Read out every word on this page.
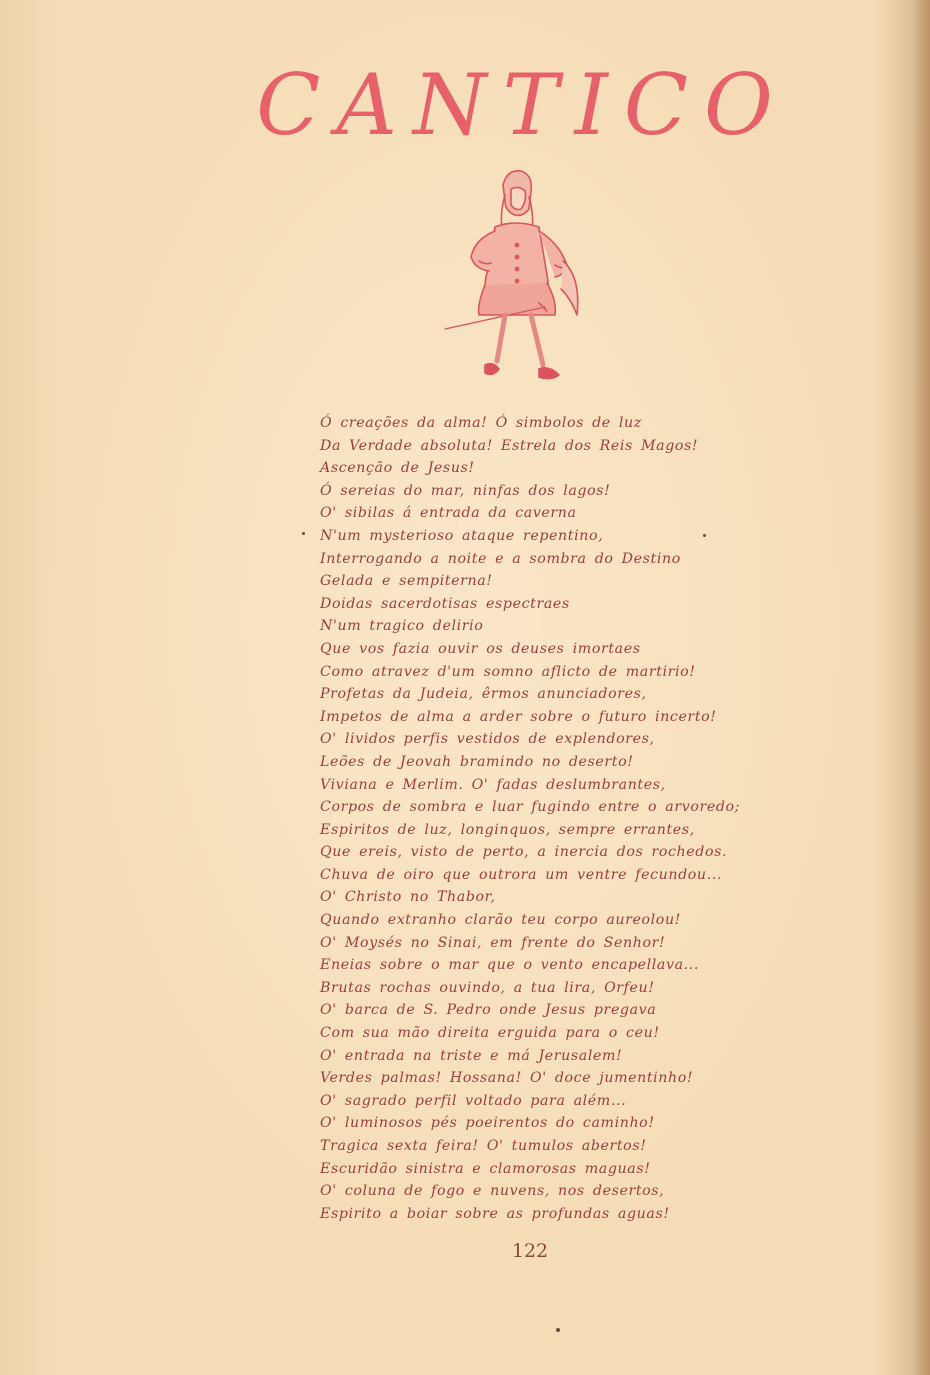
CANTICO
Ó creações da alma! Ó simbolos de luz
Da Verdade absoluta! Estrela dos Reis Magos!
Ascenção de Jesus!
Ó sereias do mar, ninfas dos lagos!
O' sibilas á entrada da caverna
N'um mysterioso ataque repentino,
Interrogando a noite e a sombra do Destino
Gelada e sempiterna!
Doidas sacerdotisas espectraes
N'um tragico delirio
Que vos fazia ouvir os deuses imortaes
Como atravez d'um somno aflicto de martirio!
Profetas da Judeia, êrmos anunciadores,
Impetos de alma a arder sobre o futuro incerto!
O' lividos perfis vestidos de explendores,
Leões de Jeovah bramindo no deserto!
Viviana e Merlim. O' fadas deslumbrantes,
Corpos de sombra e luar fugindo entre o arvoredo;
Espiritos de luz, longinquos, sempre errantes,
Que ereis, visto de perto, a inercia dos rochedos.
Chuva de oiro que outrora um ventre fecundou...
O' Christo no Thabor,
Quando extranho clarão teu corpo aureolou!
O' Moysés no Sinai, em frente do Senhor!
Eneias sobre o mar que o vento encapellava...
Brutas rochas ouvindo, a tua lira, Orfeu!
O' barca de S. Pedro onde Jesus pregava
Com sua mão direita erguida para o ceu!
O' entrada na triste e má Jerusalem!
Verdes palmas! Hossana! O' doce jumentinho!
O' sagrado perfil voltado para além...
O' luminosos pés poeirentos do caminho!
Tragica sexta feira! O' tumulos abertos!
Escuridão sinistra e clamorosas maguas!
O' coluna de fogo e nuvens, nos desertos,
Espirito a boiar sobre as profundas aguas!
122
